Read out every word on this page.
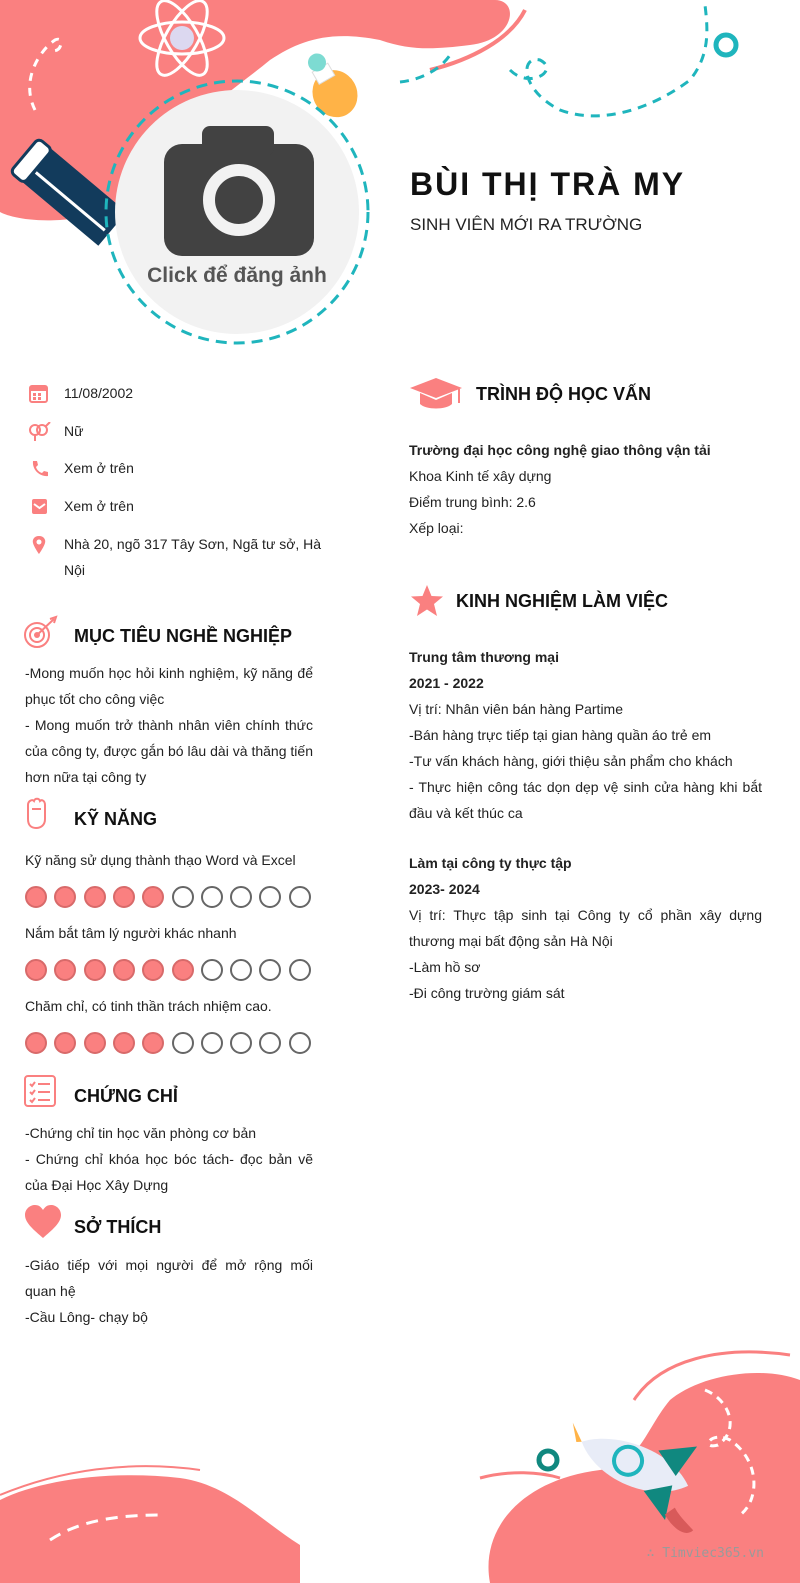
Click để đăng ảnh
BÙI THỊ TRÀ MY
SINH VIÊN MỚI RA TRƯỜNG
11/08/2002
Nữ
Xem ở trên
Xem ở trên
Nhà 20, ngõ 317 Tây Sơn, Ngã tư sở, Hà Nội
MỤC TIÊU NGHỀ NGHIỆP
-Mong muốn học hỏi kinh nghiệm, kỹ năng để phục tốt cho công việc
- Mong muốn trở thành nhân viên chính thức của công ty, được gắn bó lâu dài và thăng tiến hơn nữa tại công ty
KỸ NĂNG
Kỹ năng sử dụng thành thạo Word và Excel
Nắm bắt tâm lý người khác nhanh
Chăm chỉ, có tinh thần trách nhiệm cao.
CHỨNG CHỈ
-Chứng chỉ tin học văn phòng cơ bản
- Chứng chỉ khóa học bóc tách- đọc bản vẽ của Đại Học Xây Dựng
SỞ THÍCH
-Giáo tiếp với mọi người để mở rộng mối quan hệ
-Cầu Lông- chạy bộ
TRÌNH ĐỘ HỌC VẤN
Trường đại học công nghệ giao thông vận tải
Khoa Kinh tế xây dựng
Điểm trung bình: 2.6
Xếp loại:
KINH NGHIỆM LÀM VIỆC
Trung tâm thương mại
2021 - 2022
Vị trí: Nhân viên bán hàng Partime
-Bán hàng trực tiếp tại gian hàng quần áo trẻ em
-Tư vấn khách hàng, giới thiệu sản phẩm cho khách
- Thực hiện công tác dọn dẹp vệ sinh cửa hàng khi bắt đầu và kết thúc ca
Làm tại công ty thực tập
2023- 2024
Vị trí: Thực tập sinh tại Công ty cổ phần xây dựng thương mại bất động sản Hà Nội
-Làm hồ sơ
-Đi công trường giám sát
∴ Timviec365.vn
